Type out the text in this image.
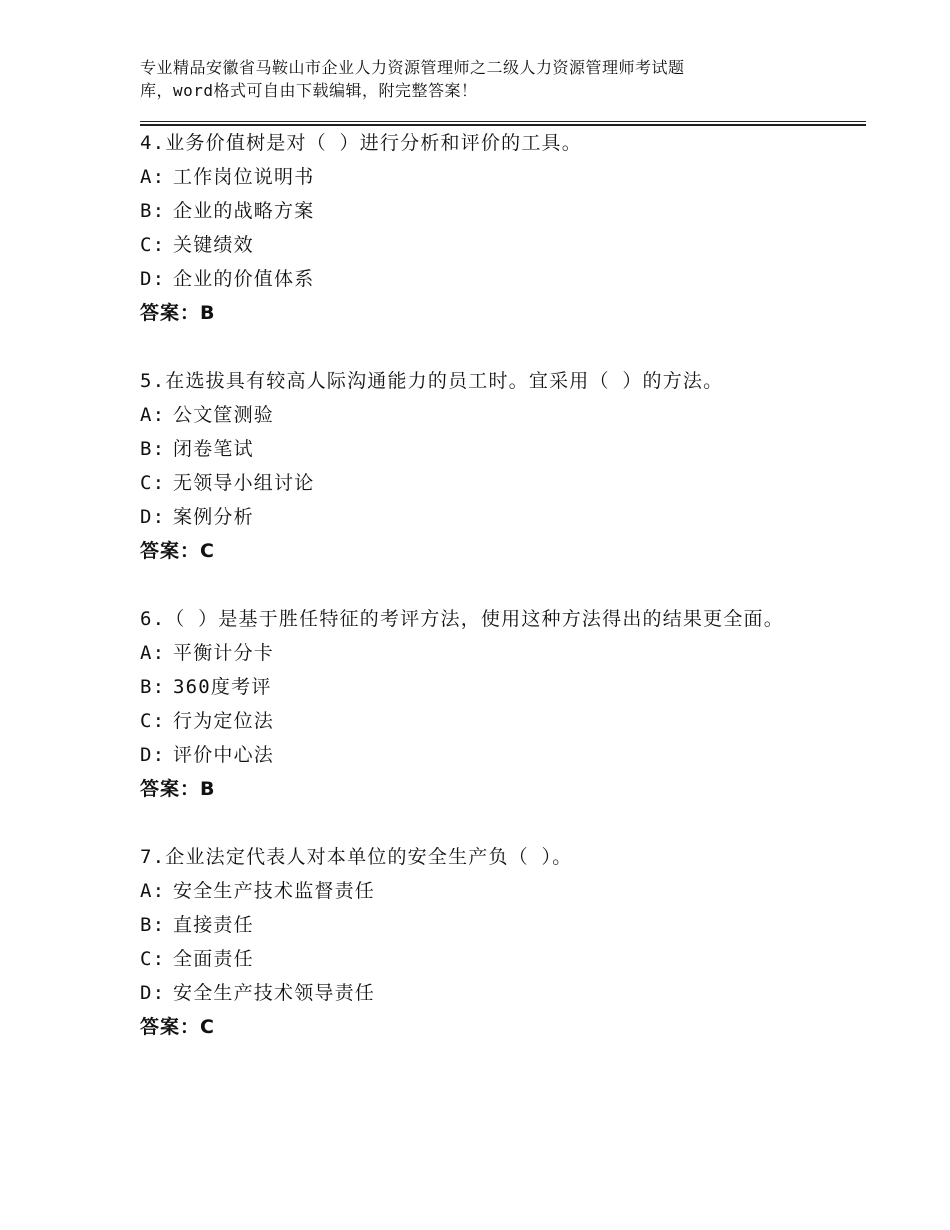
专业精品安徽省马鞍山市企业人力资源管理师之二级人力资源管理师考试题
库，word格式可自由下载编辑，附完整答案！
4.业务价值树是对（ ）进行分析和评价的工具。
A: 工作岗位说明书
B: 企业的战略方案
C: 关键绩效
D: 企业的价值体系
答案：B
5.在选拔具有较高人际沟通能力的员工时。宜采用（ ）的方法。
A: 公文筐测验
B: 闭卷笔试
C: 无领导小组讨论
D: 案例分析
答案：C
6.（ ）是基于胜任特征的考评方法，使用这种方法得出的结果更全面。
A: 平衡计分卡
B: 360度考评
C: 行为定位法
D: 评价中心法
答案：B
7.企业法定代表人对本单位的安全生产负（ ）。
A: 安全生产技术监督责任
B: 直接责任
C: 全面责任
D: 安全生产技术领导责任
答案：C
